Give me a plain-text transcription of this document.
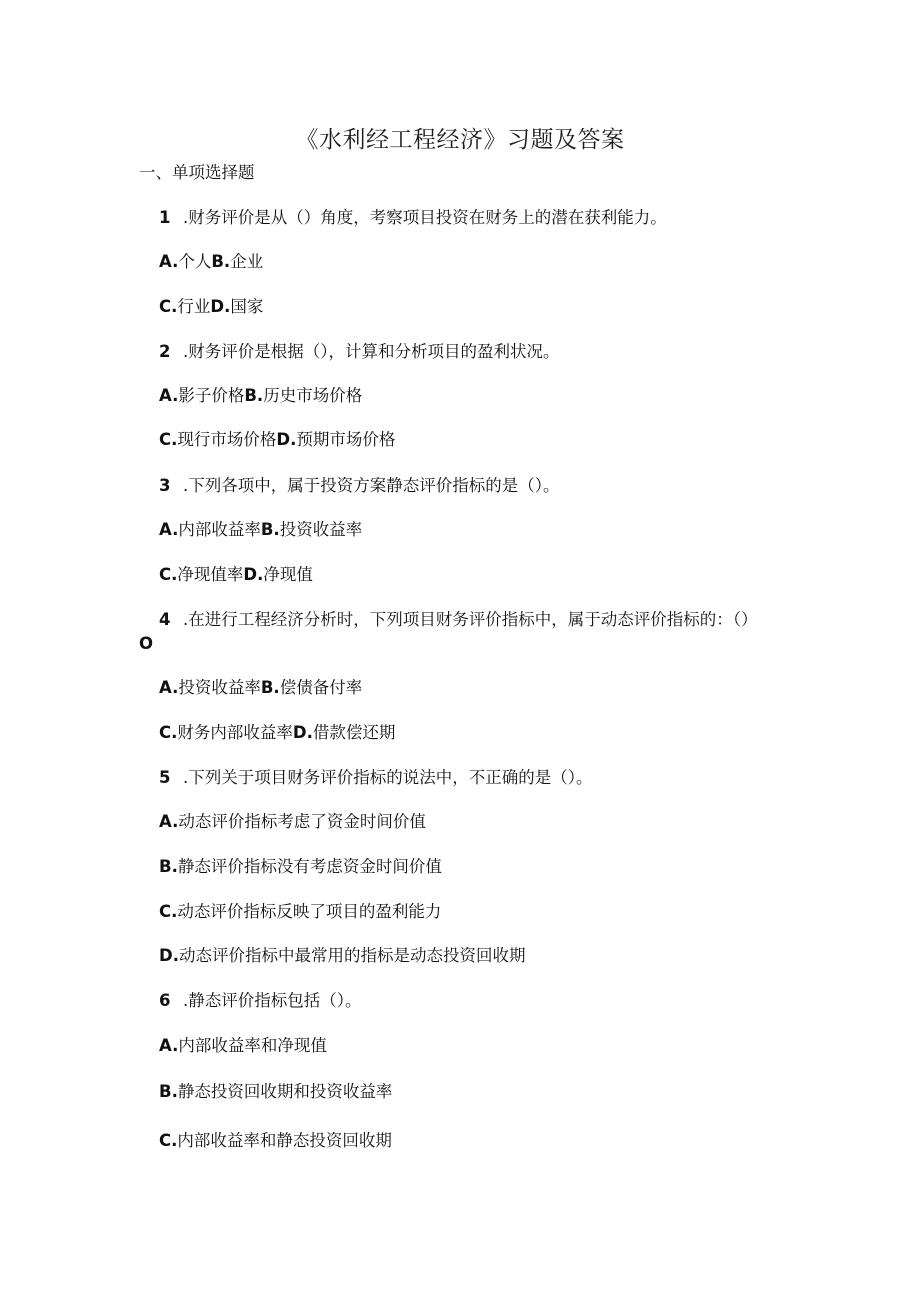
《水利经工程经济》习题及答案
一、单项选择题
1 .财务评价是从（）角度，考察项目投资在财务上的潜在获利能力。
A.个人B.企业
C.行业D.国家
2 .财务评价是根据（），计算和分析项目的盈利状况。
A.影子价格B.历史市场价格
C.现行市场价格D.预期市场价格
3 .下列各项中，属于投资方案静态评价指标的是（）。
A.内部收益率B.投资收益率
C.净现值率D.净现值
4 .在进行工程经济分析时，下列项目财务评价指标中，属于动态评价指标的：（）
O
A.投资收益率B.偿债备付率
C.财务内部收益率D.借款偿还期
5 .下列关于项目财务评价指标的说法中，不正确的是（）。
A.动态评价指标考虑了资金时间价值
B.静态评价指标没有考虑资金时间价值
C.动态评价指标反映了项目的盈利能力
D.动态评价指标中最常用的指标是动态投资回收期
6 .静态评价指标包括（）。
A.内部收益率和净现值
B.静态投资回收期和投资收益率
C.内部收益率和静态投资回收期
